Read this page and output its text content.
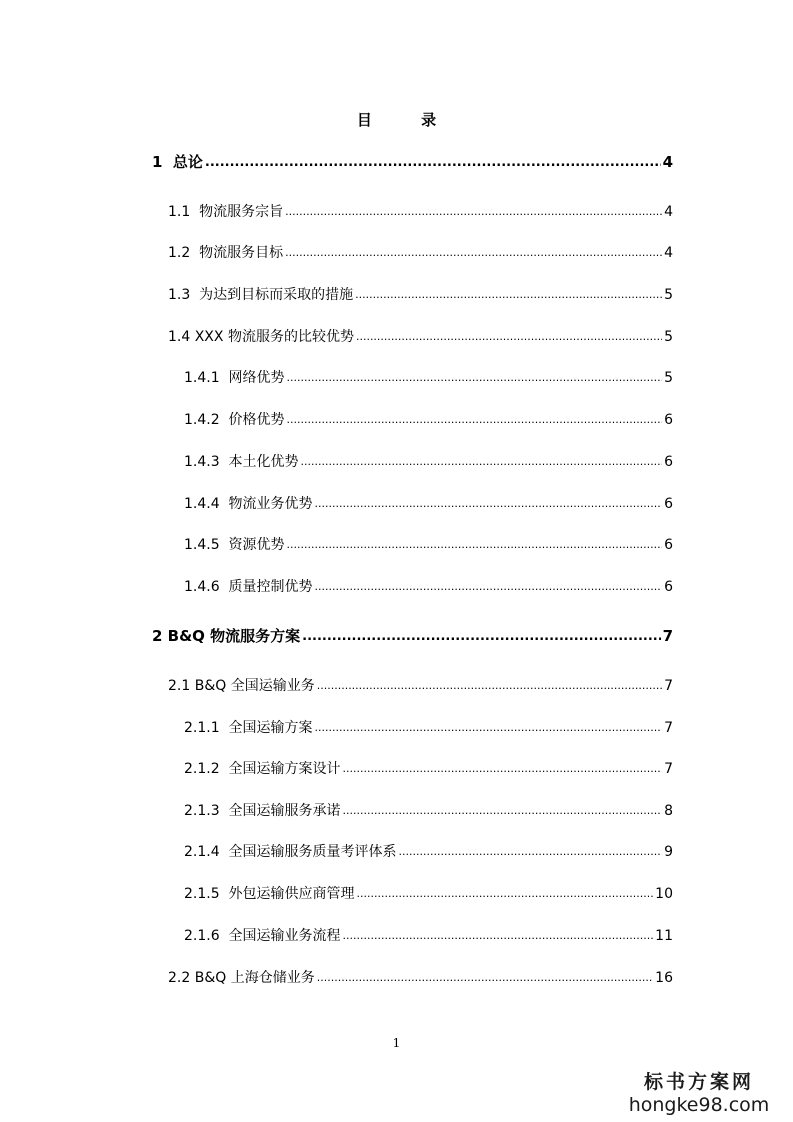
目 录
1 总论 .....	4
1.1 物流服务宗旨 .....	4
1.2 物流服务目标 .....	4
1.3 为达到目标而采取的措施 .....	5
1.4 XXX 物流服务的比较优势 .....	5
1.4.1 网络优势 .....	5
1.4.2 价格优势 .....	6
1.4.3 本土化优势 .....	6
1.4.4 物流业务优势 .....	6
1.4.5 资源优势 .....	6
1.4.6 质量控制优势 .....	6
2 B&Q 物流服务方案 .....	7
2.1 B&Q 全国运输业务 .....	7
2.1.1 全国运输方案 .....	7
2.1.2 全国运输方案设计 .....	7
2.1.3 全国运输服务承诺 .....	8
2.1.4 全国运输服务质量考评体系 .....	9
2.1.5 外包运输供应商管理 .....	10
2.1.6 全国运输业务流程 .....	11
2.2 B&Q 上海仓储业务 .....	16
1
标书方案网
hongke98.com
